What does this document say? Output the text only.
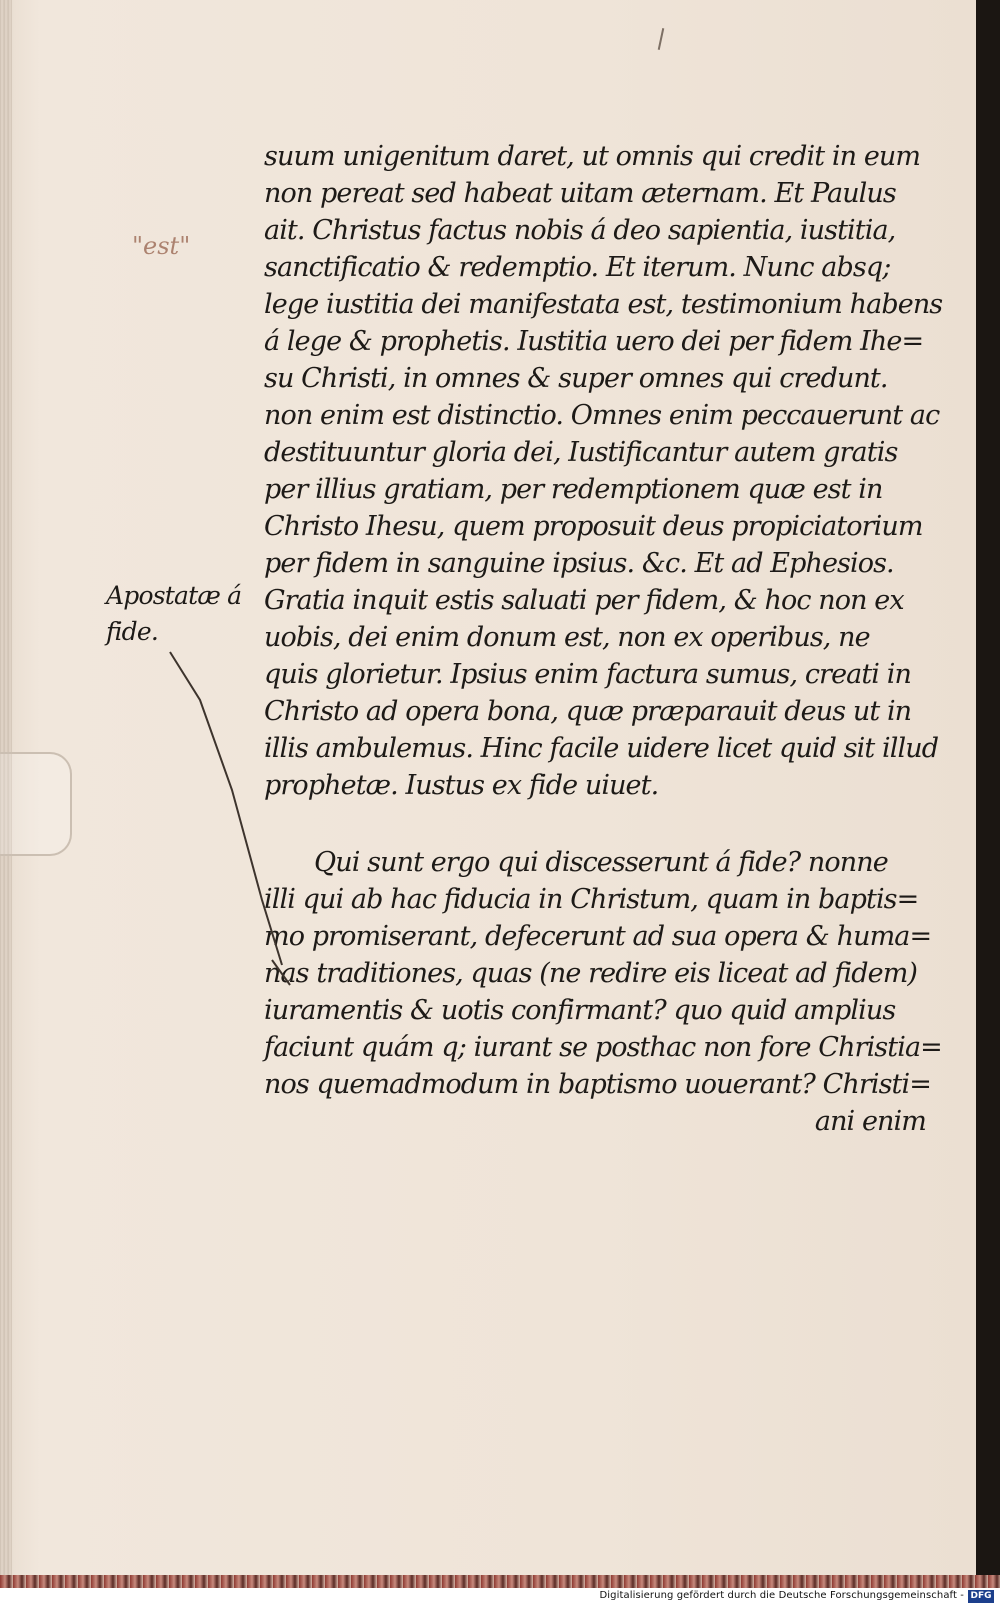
"est"
Apostatæ á
fide.
suum unigenitum daret, ut omnis qui credit in eum
non pereat sed habeat uitam æternam. Et Paulus
ait. Christus factus nobis á deo sapientia, iustitia,
sanctificatio & redemptio. Et iterum. Nunc absq;
lege iustitia dei manifestata est, testimonium habens
á lege & prophetis. Iustitia uero dei per fidem Ihe=
su Christi, in omnes & super omnes qui credunt.
non enim est distinctio. Omnes enim peccauerunt ac
destituuntur gloria dei, Iustificantur autem gratis
per illius gratiam, per redemptionem quæ est in
Christo Ihesu, quem proposuit deus propiciatorium
per fidem in sanguine ipsius. &c. Et ad Ephesios.
Gratia inquit estis saluati per fidem, & hoc non ex
uobis, dei enim donum est, non ex operibus, ne
quis glorietur. Ipsius enim factura sumus, creati in
Christo ad opera bona, quæ præparauit deus ut in
illis ambulemus. Hinc facile uidere licet quid sit illud
prophetæ. Iustus ex fide uiuet.
Qui sunt ergo qui discesserunt á fide? nonne
illi qui ab hac fiducia in Christum, quam in baptis=
mo promiserant, defecerunt ad sua opera & huma=
nas traditiones, quas (ne redire eis liceat ad fidem)
iuramentis & uotis confirmant? quo quid amplius
faciunt quám q; iurant se posthac non fore Christia=
nos quemadmodum in baptismo uouerant? Christi=
ani enim
Digitalisierung gefördert durch die Deutsche Forschungsgemeinschaft - DFG
